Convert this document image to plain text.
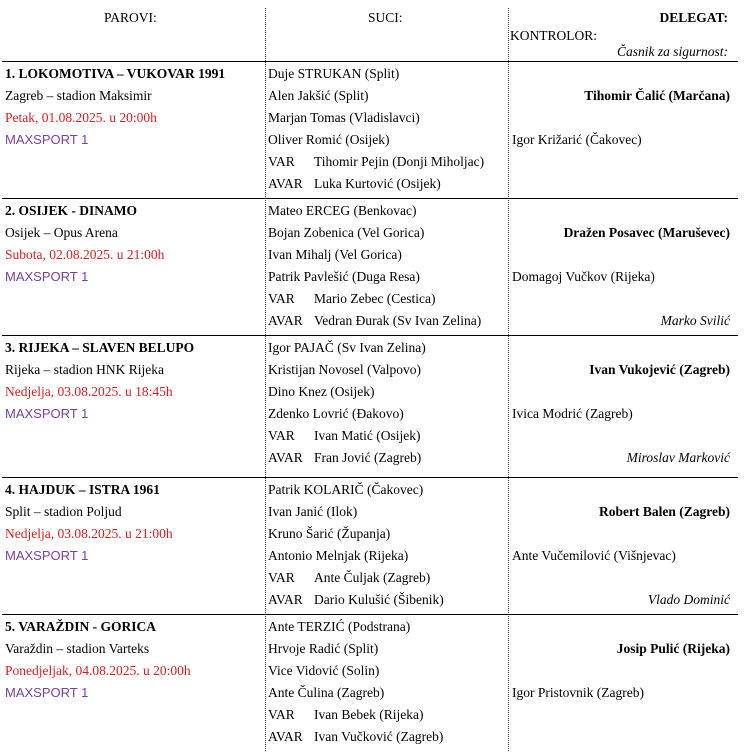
PAROVI:	SUCI:	DELEGAT:
KONTROLOR:
Časnik za sigurnost:
1. LOKOMOTIVA – VUKOVAR 1991
Zagreb – stadion Maksimir
Petak, 01.08.2025. u 20:00h
MAXSPORT 1
Duje STRUKAN (Split)
Alen Jakšić (Split)
Marjan Tomas (Vladislavci)
Oliver Romić (Osijek)
VAR Tihomir Pejin (Donji Miholjac)
AVAR Luka Kurtović (Osijek)
Tihomir Čalić (Marčana)
Igor Križarić (Čakovec)
2. OSIJEK - DINAMO
Osijek – Opus Arena
Subota, 02.08.2025. u 21:00h
MAXSPORT 1
Mateo ERCEG (Benkovac)
Bojan Zobenica (Vel Gorica)
Ivan Mihalj (Vel Gorica)
Patrik Pavlešić (Duga Resa)
VAR Mario Zebec (Cestica)
AVAR Vedran Đurak (Sv Ivan Zelina)
Dražen Posavec (Maruševec)
Domagoj Vučkov (Rijeka)
Marko Svilić
3. RIJEKA – SLAVEN BELUPO
Rijeka – stadion HNK Rijeka
Nedjelja, 03.08.2025. u 18:45h
MAXSPORT 1
Igor PAJAČ (Sv Ivan Zelina)
Kristijan Novosel (Valpovo)
Dino Knez (Osijek)
Zdenko Lovrić (Đakovo)
VAR Ivan Matić (Osijek)
AVAR Fran Jović (Zagreb)
Ivan Vukojević (Zagreb)
Ivica Modrić (Zagreb)
Miroslav Marković
4. HAJDUK – ISTRA 1961
Split – stadion Poljud
Nedjelja, 03.08.2025. u 21:00h
MAXSPORT 1
Patrik KOLARIČ (Čakovec)
Ivan Janić (Ilok)
Kruno Šarić (Županja)
Antonio Melnjak (Rijeka)
VAR Ante Čuljak (Zagreb)
AVAR Dario Kulušić (Šibenik)
Robert Balen (Zagreb)
Ante Vučemilović (Višnjevac)
Vlado Dominić
5. VARAŽDIN - GORICA
Varaždin – stadion Varteks
Ponedjeljak, 04.08.2025. u 20:00h
MAXSPORT 1
Ante TERZIĆ (Podstrana)
Hrvoje Radić (Split)
Vice Vidović (Solin)
Ante Čulina (Zagreb)
VAR Ivan Bebek (Rijeka)
AVAR Ivan Vučković (Zagreb)
Josip Pulić (Rijeka)
Igor Pristovnik (Zagreb)
